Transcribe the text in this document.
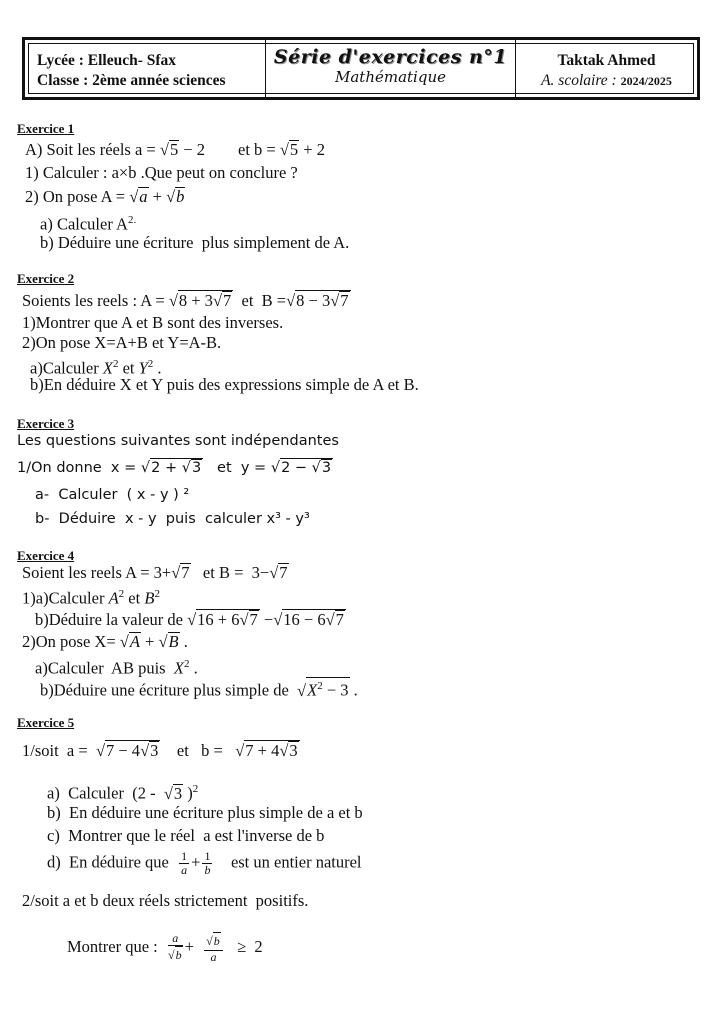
Lycée : Elleuch- Sfax
Classe : 2ème année sciences
Série d'exercices n°1
Mathématique
Taktak Ahmed
A. scolaire : 2024/2025
Exercice 1
A) Soit les réels a = √ 5 − 2        et b = √ 5 + 2
1) Calculer : a×b .Que peut on conclure ?
2) On pose A = √ a + √ b
a) Calculer $A^{2.}$
b) Déduire une écriture  plus simplement de A.
Exercice 2
Soients les reels : A = √ 8 + 3 √ 7  et  B = √ 8 − 3 √ 7
1)Montrer que A et B sont des inverses.
2)On pose X=A+B et Y=A-B.
a)Calculer $X^2$ et $Y^2$ .
b)En déduire X et Y puis des expressions simple de A et B.
Exercice 3
Les questions suivantes sont indépendantes
1/On donne  x = √ 2 + √ 3   et  y = √ 2 − √ 3
a-  Calculer  ( x - y ) ²
b-  Déduire  x - y  puis  calculer x³ - y³
Exercice 4
Soient les reels A = 3+ √ 7   et B =  3− √ 7
1)a)Calculer $A^2$ et $B^2$
b)Déduire la valeur de √ 16 + 6 √ 7 − √ 16 − 6 √ 7
2)On pose X= √ A + √ B .
a)Calculer  AB puis  $X^2$ .
b)Déduire une écriture plus simple de  √ $X^2 - 3$ .
Exercice 5
1/soit  a =  √ 7 − 4 √ 3    et   b =   √ 7 + 4 √ 3
a)  Calculer  (2 -  √ 3 )$^2$
b)  En déduire une écriture plus simple de a et b
c)  Montrer que le réel  a est l'inverse de b
d)  En déduire que $\frac{1}{a} + \frac{1}{b}$ est un entier naturel
2/soit a et b deux réels strictement  positifs.
Montrer que : a
√ b + √ $\frac{b}{a} \ge 2$
